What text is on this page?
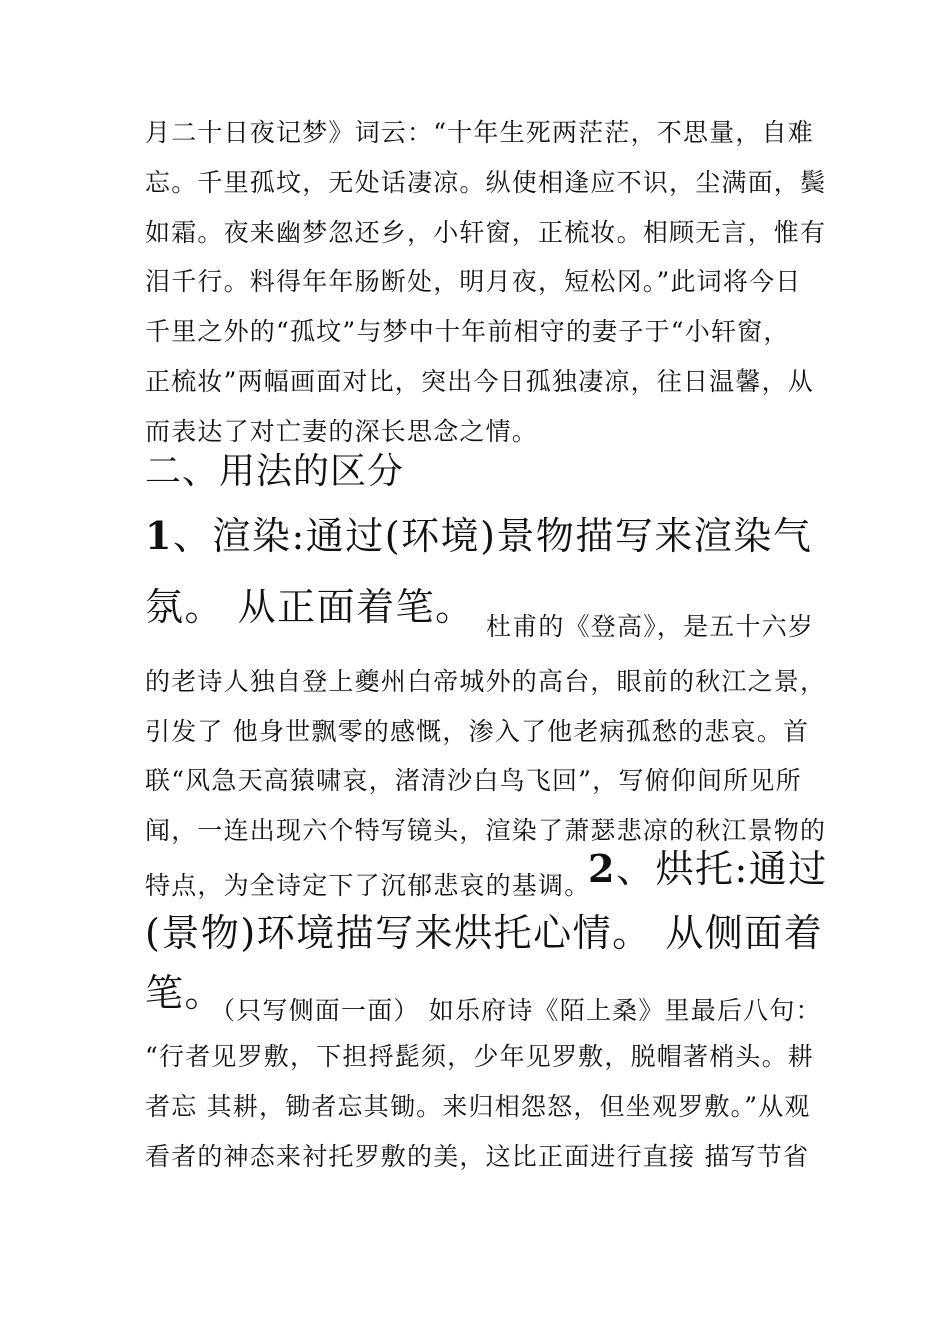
月二十日夜记梦》词云：“十年生死两茫茫，不思量，自难
忘。千里孤坟，无处话凄凉。纵使相逢应不识，尘满面，鬓
如霜。夜来幽梦忽还乡，小轩窗，正梳妆。相顾无言，惟有
泪千行。料得年年肠断处，明月夜，短松冈。”此词将今日
千里之外的“孤坟”与梦中十年前相守的妻子于“小轩窗，
正梳妆”两幅画面对比，突出今日孤独凄凉，往日温馨，从
而表达了对亡妻的深长思念之情。
二、用法的区分
1、渲染:通过(环境)景物描写来渲染气
氛。 从正面着笔。 杜甫的《登高》，是五十六岁
的老诗人独自登上夔州白帝城外的高台，眼前的秋江之景，
引发了 他身世飘零的感慨，渗入了他老病孤愁的悲哀。首
联“风急天高猿啸哀，渚清沙白鸟飞回”，写俯仰间所见所
闻，一连出现六个特写镜头，渲染了萧瑟悲凉的秋江景物的
特点，为全诗定下了沉郁悲哀的基调。
2、烘托:通过
(景物)环境描写来烘托心情。 从侧面着
笔。
（只写侧面一面） 如乐府诗《陌上桑》里最后八句：
“行者见罗敷，下担捋髭须，少年见罗敷，脱帽著梢头。耕
者忘 其耕，锄者忘其锄。来归相怨怒，但坐观罗敷。”从观
看者的神态来衬托罗敷的美，这比正面进行直接 描写节省
